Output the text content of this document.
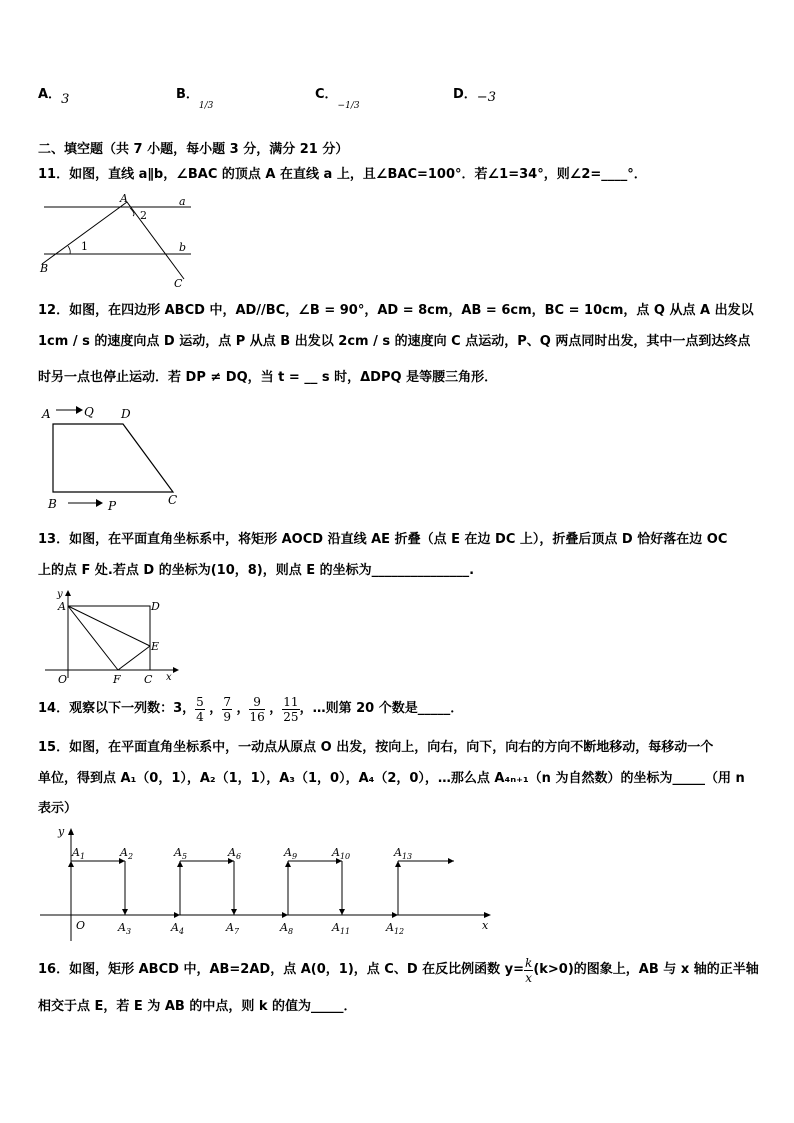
A．3	B．$_{1/3}$
C．$_{-1/3}$
D．−3
二、填空题（共 7 小题，每小题 3 分，满分 21 分）
11．如图，直线 a∥b，∠BAC 的顶点 A 在直线 a 上，且∠BAC=100°．若∠1=34°，则∠2=____°．
A	a
b
B
C
1
2
12．如图，在四边形 ABCD 中，AD//BC，∠B = 90°，AD = 8cm，AB = 6cm，BC = 10cm，点 Q 从点 A 出发以
1cm / s 的速度向点 D 运动，点 P 从点 B 出发以 2cm / s 的速度向 C 点运动，P、Q 两点同时出发，其中一点到达终点
时另一点也停止运动．若 DP ≠ DQ，当 t = __ s 时，ΔDPQ 是等腰三角形．
A	Q D
B	P	C
13．如图，在平面直角坐标系中，将矩形 AOCD 沿直线 AE 折叠（点 E 在边 DC 上），折叠后顶点 D 恰好落在边 OC
上的点 F 处.若点 D 的坐标为(10，8)，则点 E 的坐标为_______________.
y
A	D
E
O	F C x
14．观察以下一列数：3， $\frac{5}{4}$ ， $\frac{7}{9}$ ， $\frac{9}{16}$ ， $\frac{11}{25}$ ，…则第 20 个数是_____．
15．如图，在平面直角坐标系中，一动点从原点 O 出发，按向上，向右，向下，向右的方向不断地移动，每移动一个
单位，得到点 A₁（0，1），A₂（1，1），A₃（1，0），A₄（2，0），…那么点 A₄ₙ₊₁（n 为自然数）的坐标为_____（用 n
表示）
y
x
O
$A_1$	$A_2$	$A_5$	$A_6$	$A_9$	$A_{10}$	$A_{13}$
$A_3$	$A_4$	$A_7$	$A_8$	$A_{11}$	$A_{12}$
16．如图，矩形 ABCD 中，AB=2AD，点 A(0，1)，点 C、D 在反比例函数 $y= \frac{k}{x} (k>0)$的图象上，AB 与 x 轴的正半轴
相交于点 E，若 E 为 AB 的中点，则 k 的值为_____．
